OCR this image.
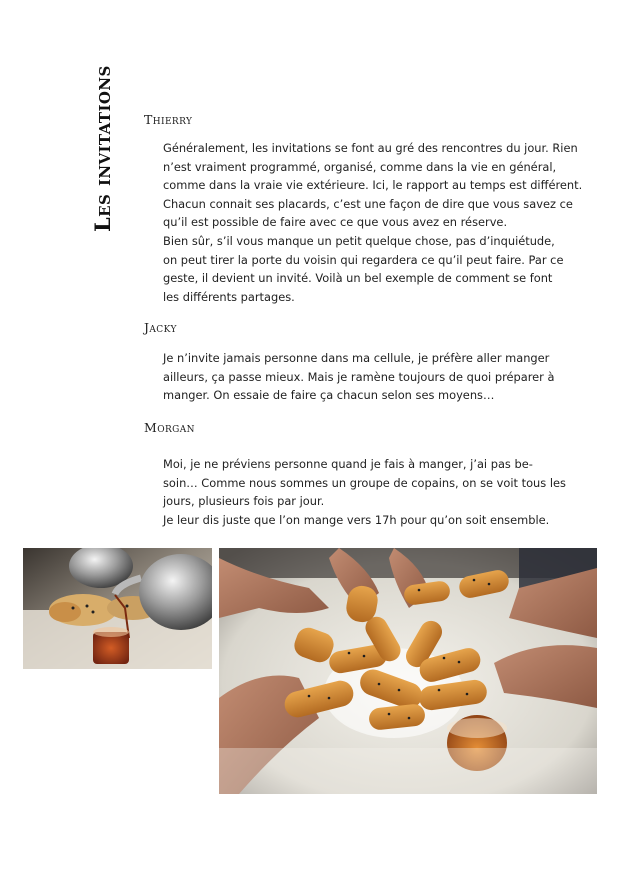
Les invitations Thierry

Généralement, les invitations se font au gré des rencontres du jour. Rien
n’est vraiment programmé, organisé, comme dans la vie en général,
comme dans la vraie vie extérieure. Ici, le rapport au temps est différent.
Chacun connait ses placards, c’est une façon de dire que vous savez ce
qu’il est possible de faire avec ce que vous avez en réserve.
Bien sûr, s’il vous manque un petit quelque chose, pas d’inquiétude,
on peut tirer la porte du voisin qui regardera ce qu’il peut faire. Par ce
geste, il devient un invité. Voilà un bel exemple de comment se font
les différents partages.

Jacky

Je n’invite jamais personne dans ma cellule, je préfère aller manger
ailleurs, ça passe mieux. Mais je ramène toujours de quoi préparer à
manger. On essaie de faire ça chacun selon ses moyens…

Morgan

Moi, je ne préviens personne quand je fais à manger, j’ai pas be-
soin… Comme nous sommes un groupe de copains, on se voit tous les
jours, plusieurs fois par jour.
Je leur dis juste que l’on mange vers 17h pour qu’on soit ensemble.
